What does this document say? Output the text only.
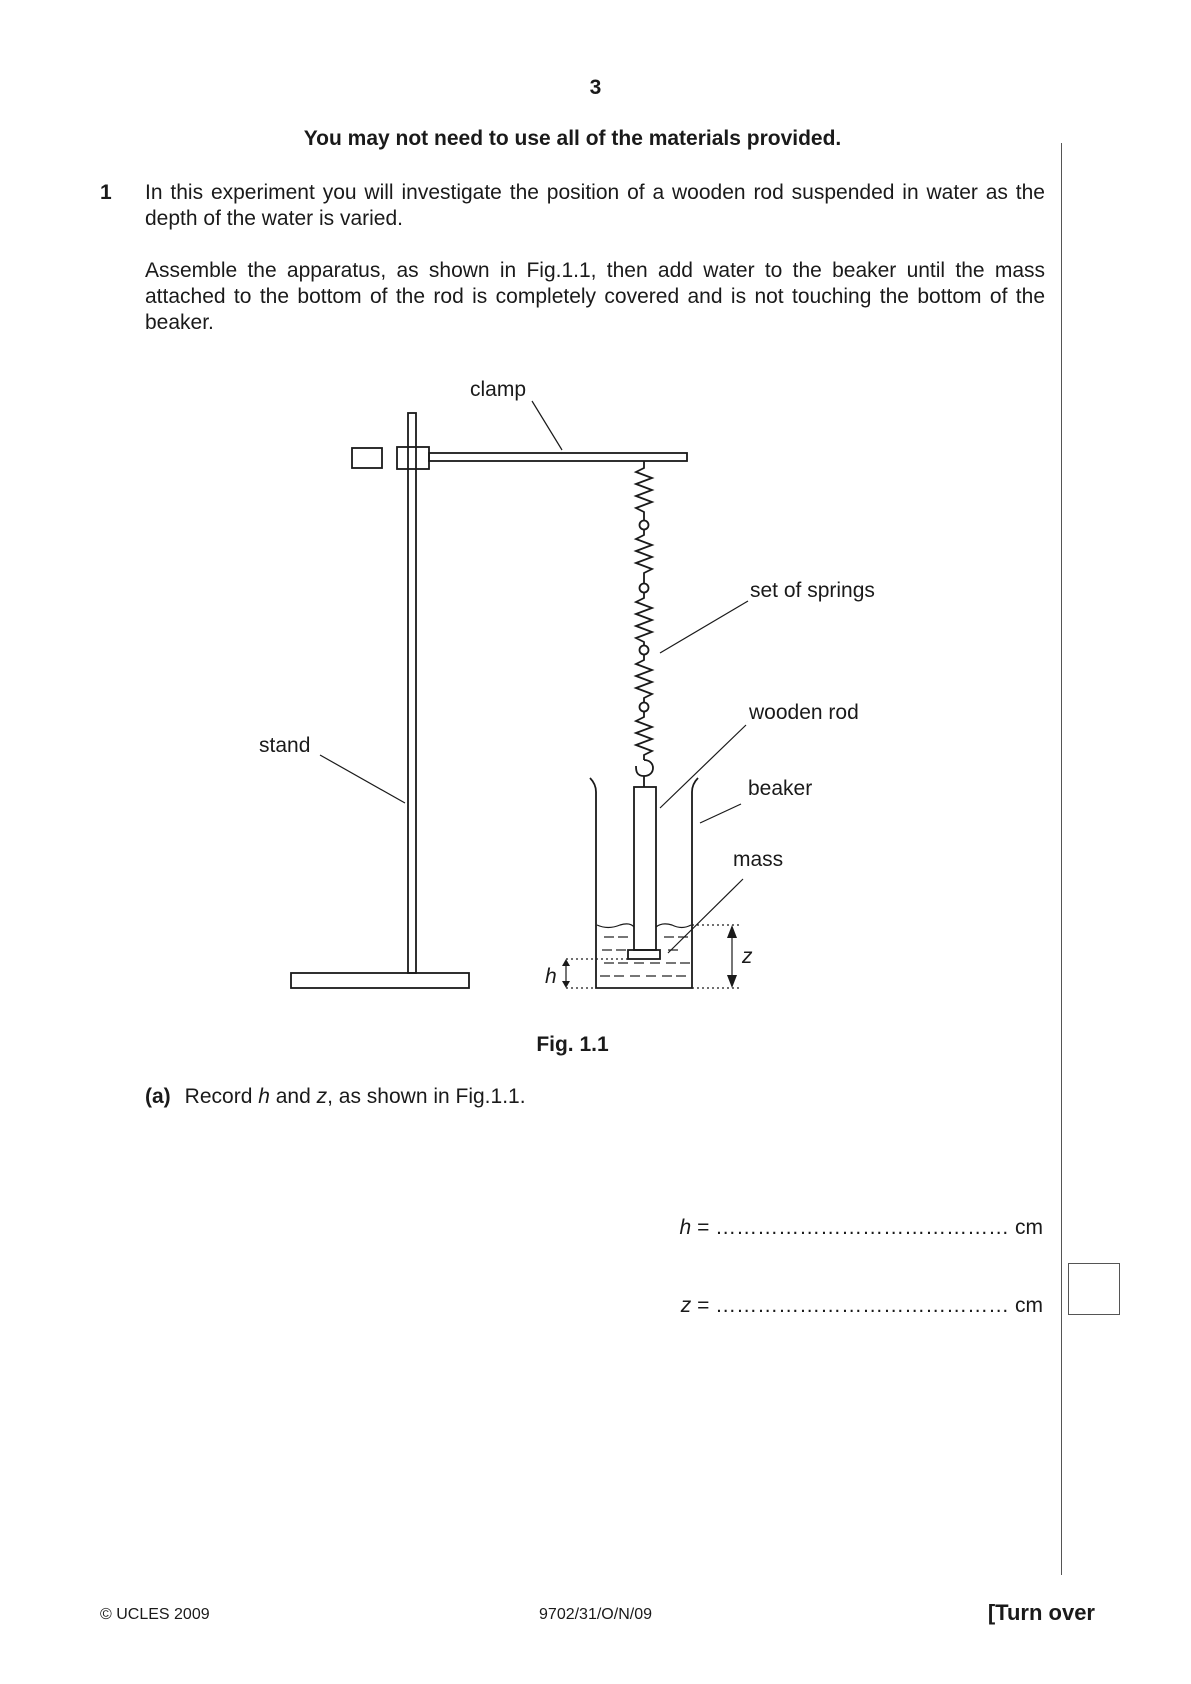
3
You may not need to use all of the materials provided.
1 In this experiment you will investigate the position of a wooden rod suspended in water as the depth of the water is varied.
Assemble the apparatus, as shown in Fig.1.1, then add water to the beaker until the mass attached to the bottom of the rod is completely covered and is not touching the bottom of the beaker.
clamp
set of springs
wooden rod
stand
beaker
mass
h
z
Fig. 1.1
(a) Record h and z, as shown in Fig.1.1.
h = …………………………………… cm
z = …………………………………… cm
© UCLES 2009	9702/31/O/N/09	[Turn over
